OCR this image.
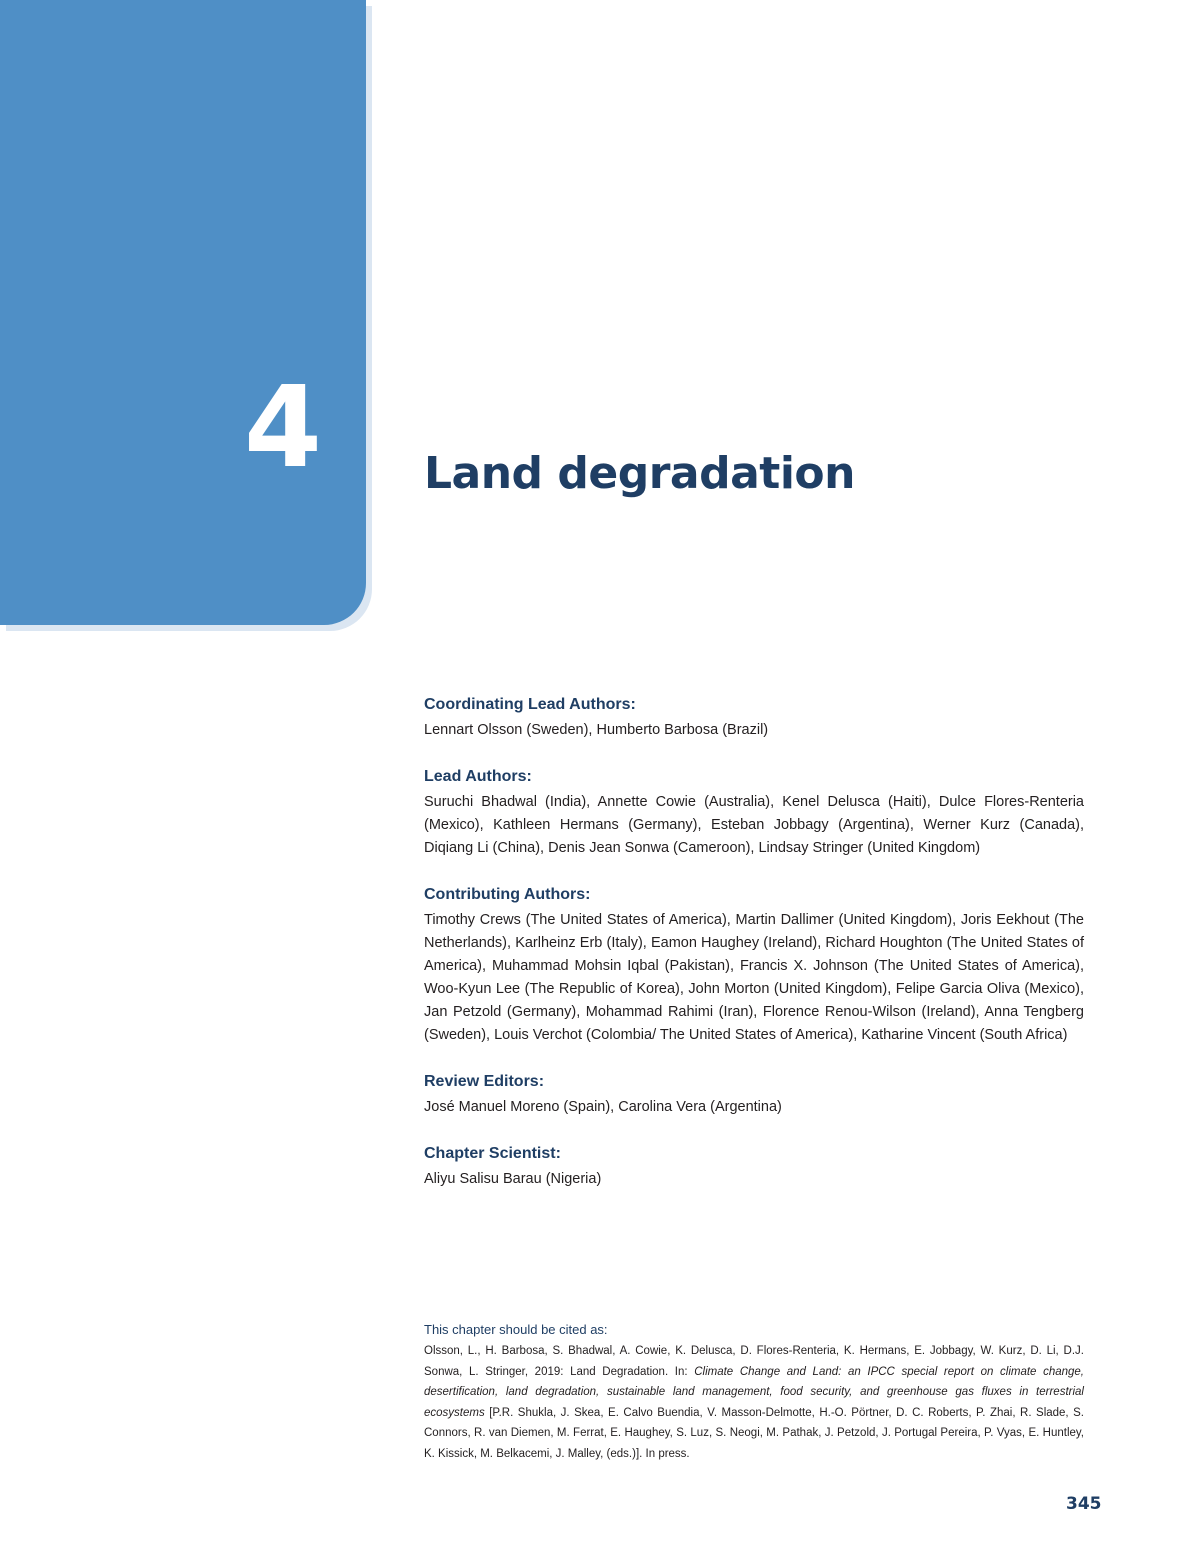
4 Land degradation
Coordinating Lead Authors:

Lennart Olsson (Sweden), Humberto Barbosa (Brazil)

Lead Authors:

Suruchi Bhadwal (India), Annette Cowie (Australia), Kenel Delusca (Haiti), Dulce Flores-Renteria (Mexico), Kathleen Hermans (Germany), Esteban Jobbagy (Argentina), Werner Kurz (Canada), Diqiang Li (China), Denis Jean Sonwa (Cameroon), Lindsay Stringer (United Kingdom)

Contributing Authors:

Timothy Crews (The United States of America), Martin Dallimer (United Kingdom), Joris Eekhout (The Netherlands), Karlheinz Erb (Italy), Eamon Haughey (Ireland), Richard Houghton (The United States of America), Muhammad Mohsin Iqbal (Pakistan), Francis X. Johnson (The United States of America), Woo-Kyun Lee (The Republic of Korea), John Morton (United Kingdom), Felipe Garcia Oliva (Mexico), Jan Petzold (Germany), Mohammad Rahimi (Iran), Florence Renou-Wilson (Ireland), Anna Tengberg (Sweden), Louis Verchot (Colombia/ The United States of America), Katharine Vincent (South Africa)

Review Editors:

José Manuel Moreno (Spain), Carolina Vera (Argentina)

Chapter Scientist:

Aliyu Salisu Barau (Nigeria)

This chapter should be cited as:

Olsson, L., H. Barbosa, S. Bhadwal, A. Cowie, K. Delusca, D. Flores-Renteria, K. Hermans, E. Jobbagy, W. Kurz, D. Li, D.J. Sonwa, L. Stringer, 2019: Land Degradation. In: Climate Change and Land: an IPCC special report on climate change, desertification, land degradation, sustainable land management, food security, and greenhouse gas fluxes in terrestrial ecosystems [P.R. Shukla, J. Skea, E. Calvo Buendia, V. Masson-Delmotte, H.-O. Pörtner, D. C. Roberts, P. Zhai, R. Slade, S. Connors, R. van Diemen, M. Ferrat, E. Haughey, S. Luz, S. Neogi, M. Pathak, J. Petzold, J. Portugal Pereira, P. Vyas, E. Huntley, K. Kissick, M. Belkacemi, J. Malley, (eds.)]. In press.

345
